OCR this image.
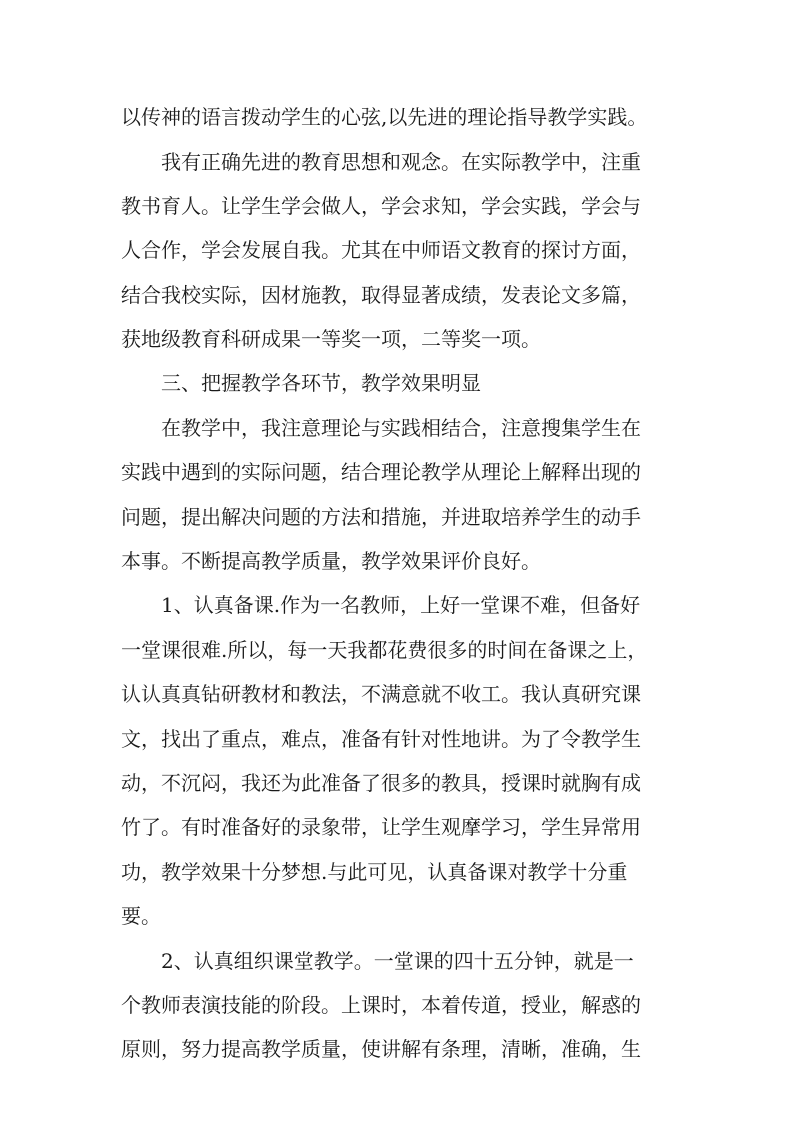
以传神的语言拨动学生的心弦,以先进的理论指导教学实践。
我有正确先进的教育思想和观念。在实际教学中，注重
教书育人。让学生学会做人，学会求知，学会实践，学会与
人合作，学会发展自我。尤其在中师语文教育的探讨方面，
结合我校实际，因材施教，取得显著成绩，发表论文多篇，
获地级教育科研成果一等奖一项，二等奖一项。
三、把握教学各环节，教学效果明显
在教学中，我注意理论与实践相结合，注意搜集学生在
实践中遇到的实际问题，结合理论教学从理论上解释出现的
问题，提出解决问题的方法和措施，并进取培养学生的动手
本事。不断提高教学质量，教学效果评价良好。
1、认真备课.作为一名教师，上好一堂课不难，但备好
一堂课很难.所以，每一天我都花费很多的时间在备课之上，
认认真真钻研教材和教法，不满意就不收工。我认真研究课
文，找出了重点，难点，准备有针对性地讲。为了令教学生
动，不沉闷，我还为此准备了很多的教具，授课时就胸有成
竹了。有时准备好的录象带，让学生观摩学习，学生异常用
功，教学效果十分梦想.与此可见，认真备课对教学十分重
要。
2、认真组织课堂教学。一堂课的四十五分钟，就是一
个教师表演技能的阶段。上课时，本着传道，授业，解惑的
原则，努力提高教学质量，使讲解有条理，清晰，准确，生
